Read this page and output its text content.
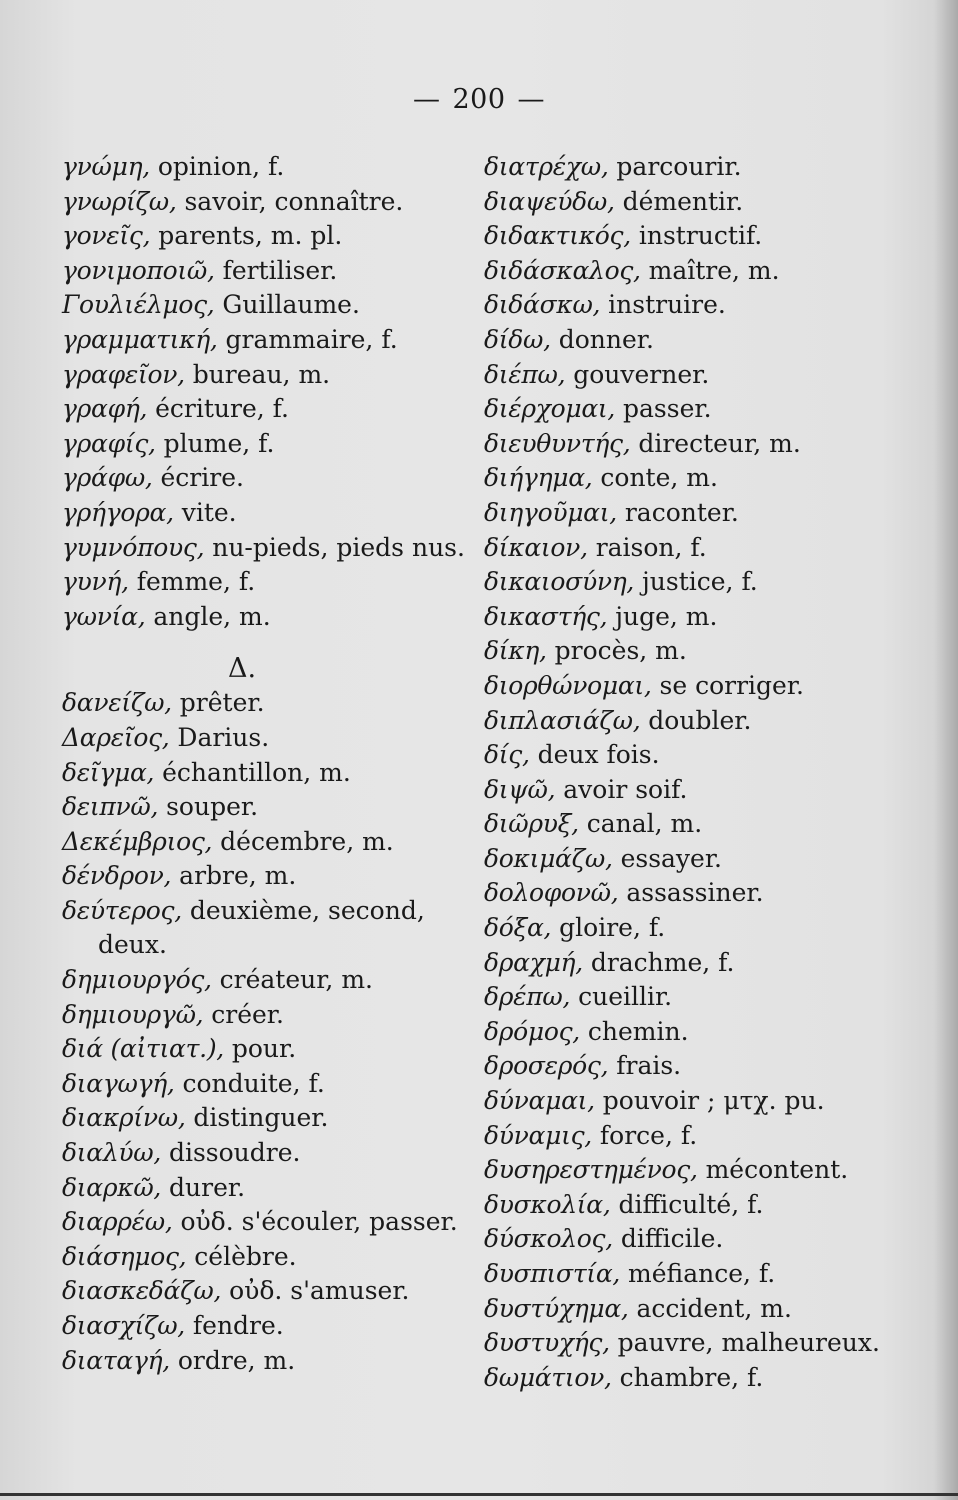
— 200 —
γνώμη, opinion, f.
γνωρίζω, savoir, connaître.
γονεῖς, parents, m. pl.
γονιμοποιῶ, fertiliser.
Γουλιέλμος, Guillaume.
γραμματική, grammaire, f.
γραφεῖον, bureau, m.
γραφή, écriture, f.
γραφίς, plume, f.
γράφω, écrire.
γρήγορα, vite.
γυμνόπους, nu-pieds, pieds nus.
γυνή, femme, f.
γωνία, angle, m.
Δ.
δανείζω, prêter.
Δαρεῖος, Darius.
δεῖγμα, échantillon, m.
δειπνῶ, souper.
Δεκέμβριος, décembre, m.
δένδρον, arbre, m.
δεύτερος, deuxième, second,
deux.
δημιουργός, créateur, m.
δημιουργῶ, créer.
διά (αἰτιατ.), pour.
διαγωγή, conduite, f.
διακρίνω, distinguer.
διαλύω, dissoudre.
διαρκῶ, durer.
διαρρέω, οὐδ. s'écouler, passer.
διάσημος, célèbre.
διασκεδάζω, οὐδ. s'amuser.
διασχίζω, fendre.
διαταγή, ordre, m.
διατρέχω, parcourir.
διαψεύδω, démentir.
διδακτικός, instructif.
διδάσκαλος, maître, m.
διδάσκω, instruire.
δίδω, donner.
διέπω, gouverner.
διέρχομαι, passer.
διευθυντής, directeur, m.
διήγημα, conte, m.
διηγοῦμαι, raconter.
δίκαιον, raison, f.
δικαιοσύνη, justice, f.
δικαστής, juge, m.
δίκη, procès, m.
διορθώνομαι, se corriger.
διπλασιάζω, doubler.
δίς, deux fois.
διψῶ, avoir soif.
διῶρυξ, canal, m.
δοκιμάζω, essayer.
δολοφονῶ, assassiner.
δόξα, gloire, f.
δραχμή, drachme, f.
δρέπω, cueillir.
δρόμος, chemin.
δροσερός, frais.
δύναμαι, pouvoir ; μτχ. pu.
δύναμις, force, f.
δυσηρεστημένος, mécontent.
δυσκολία, difficulté, f.
δύσκολος, difficile.
δυσπιστία, méfiance, f.
δυστύχημα, accident, m.
δυστυχής, pauvre, malheureux.
δωμάτιον, chambre, f.
